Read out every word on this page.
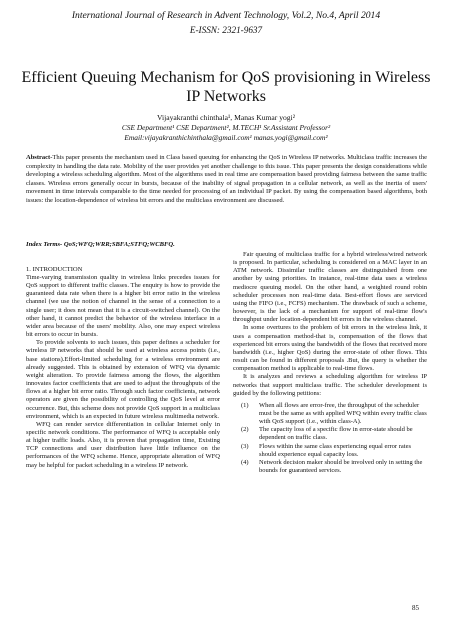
International Journal of Research in Advent Technology, Vol.2, No.4, April 2014
E-ISSN: 2321-9637
Efficient Queuing Mechanism for QoS provisioning in Wireless IP Networks
Vijayakranthi chinthala¹, Manas Kumar yogi²
CSE Department¹ CSE Department², M.TECH¹ Sr.Assistant Professor²
Email:vijayakranthichinthala@gmail.com¹ manas.yogi@gmail.com²

Abstract-This paper presents the mechanism used in Class based queuing for enhancing the QoS in Wireless IP networks. Multiclass traffic increases the complexity in handling the data rate. Mobility of the user provides yet another challenge to this issue. This paper presents the design considerations while developing a wireless scheduling algorithm. Most of the algorithms used in real time are compensation based providing fairness between the same traffic classes. Wireless errors generally occur in bursts, because of the inability of signal propagation in a cellular network, as well as the inertia of users' movement in time intervals comparable to the time needed for processing of an individual IP packet. By using the compensation based algorithms, both issues: the location-dependence of wireless bit errors and the multiclass environment are discussed.

Index Terms- QoS;WFQ;WRR;SBFA;STFQ;WCBFQ.

1. INTRODUCTION

Time-varying transmission quality in wireless links precedes issues for QoS support to different traffic classes. The enquiry is how to provide the guaranteed data rate when there is a higher bit error ratio in the wireless channel (we use the notion of channel in the sense of a connection to a single user; it does not mean that it is a circuit-switched channel). On the other hand, it cannot predict the behavior of the wireless interface in a wider area because of the users' mobility. Also, one may expect wireless bit errors to occur in bursts.

To provide solvents to such issues, this paper defines a scheduler for wireless IP networks that should be used at wireless access points (i.e., base stations).Effort-limited scheduling for a wireless environment are already suggested. This is obtained by extension of WFQ via dynamic weight alteration. To provide fairness among the flows, the algorithm innovates factor coefficients that are used to adjust the throughputs of the flows at a higher bit error ratio. Through such factor coefficients, network operators are given the possibility of controlling the QoS level at error occurrence. But, this scheme does not provide QoS support in a multiclass environment, which is an expected in future wireless multimedia network.

WFQ can render service differentiation in cellular Internet only in specific network conditions. The performance of WFQ is acceptable only at higher traffic loads. Also, it is proven that propagation time, Existing TCP connections and user distribution have little influence on the performances of the WFQ scheme. Hence, appropriate alteration of WFQ may be helpful for packet scheduling in a wireless IP network.

Fair queuing of multiclass traffic for a hybrid wireless/wired network is proposed. In particular, scheduling is considered on a MAC layer in an ATM network. Dissimilar traffic classes are distinguished from one another by using priorities. In instance, real-time data uses a wireless mediocre queuing model. On the other hand, a weighted round robin scheduler processes non real-time data. Best-effort flows are serviced using the FIFO (i.e., FCFS) mechanism. The drawback of such a scheme, however, is the lack of a mechanism for support of real-time flow's throughput under location-dependent bit errors in the wireless channel.

In some overtures to the problem of bit errors in the wireless link, it uses a compensation method-that is, compensation of the flows that experienced bit errors using the bandwidth of the flows that received more bandwidth (i.e., higher QoS) during the error-state of other flows. This result can be found in different proposals .But, the query is whether the compensation method is applicable to real-time flows.

It is analyzes and reviews a scheduling algorithm for wireless IP networks that support multiclass traffic. The scheduler development is guided by the following petitions:

(1) When all flows are error-free, the throughput of the scheduler must be the same as with applied WFQ within every traffic class with QoS support (i.e., within class-A).
(2) The capacity loss of a specific flow in error-state should be dependent on traffic class.
(3) Flows within the same class experiencing equal error rates should experience equal capacity loss.
(4) Network decision maker should be involved only in setting the bounds for guaranteed services.
85
